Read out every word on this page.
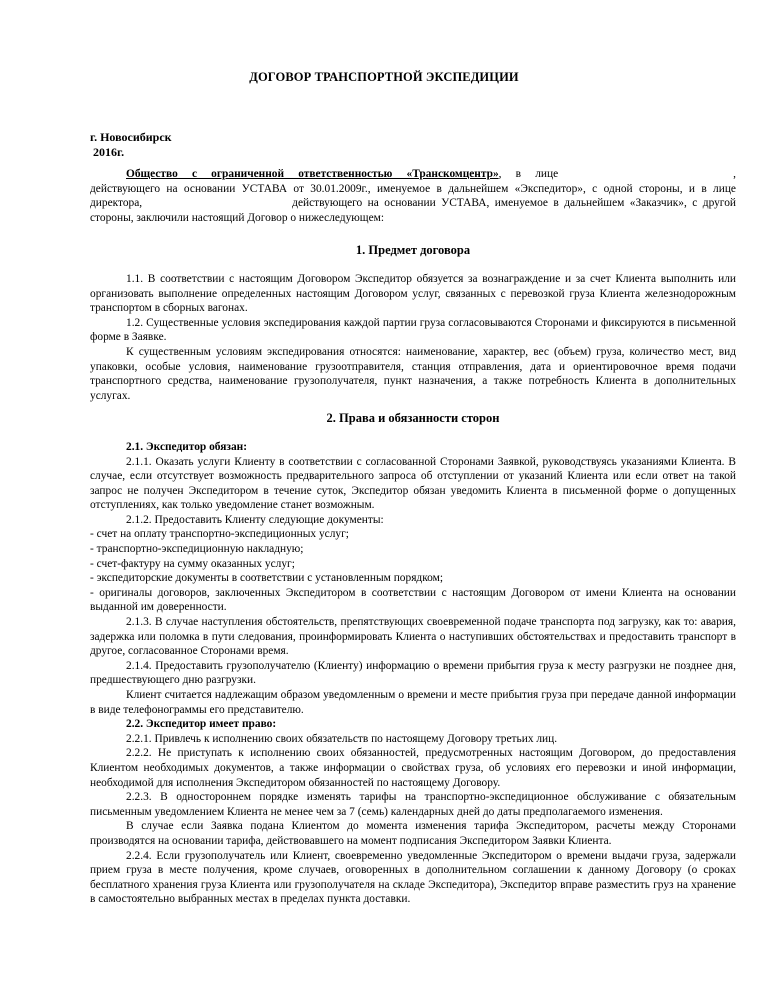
ДОГОВОР ТРАНСПОРТНОЙ ЭКСПЕДИЦИИ
г. Новосибирск
2016г.

Общество с ограниченной ответственностью «Транскомцентр», в лице	, действующего на основании УСТАВА от 30.01.2009г., именуемое в дальнейшем «Экспедитор», с одной стороны, и в лице директора,	действующего на основании УСТАВА, именуемое в дальнейшем «Заказчик», с другой стороны, заключили настоящий Договор о нижеследующем:

1. Предмет договора

1.1. В соответствии с настоящим Договором Экспедитор обязуется за вознаграждение и за счет Клиента выполнить или организовать выполнение определенных настоящим Договором услуг, связанных с перевозкой груза Клиента железнодорожным транспортом в сборных вагонах.

1.2. Существенные условия экспедирования каждой партии груза согласовываются Сторонами и фиксируются в письменной форме в Заявке.

К существенным условиям экспедирования относятся: наименование, характер, вес (объем) груза, количество мест, вид упаковки, особые условия, наименование грузоотправителя, станция отправления, дата и ориентировочное время подачи транспортного средства, наименование грузополучателя, пункт назначения, а также потребность Клиента в дополнительных услугах.

2. Права и обязанности сторон

2.1. Экспедитор обязан:

2.1.1. Оказать услуги Клиенту в соответствии с согласованной Сторонами Заявкой, руководствуясь указаниями Клиента. В случае, если отсутствует возможность предварительного запроса об отступлении от указаний Клиента или если ответ на такой запрос не получен Экспедитором в течение суток, Экспедитор обязан уведомить Клиента в письменной форме о допущенных отступлениях, как только уведомление станет возможным.

2.1.2. Предоставить Клиенту следующие документы:

- счет на оплату транспортно-экспедиционных услуг;

- транспортно-экспедиционную накладную;

- счет-фактуру на сумму оказанных услуг;

- экспедиторские документы в соответствии с установленным порядком;

- оригиналы договоров, заключенных Экспедитором в соответствии с настоящим Договором от имени Клиента на основании выданной им доверенности.

2.1.3. В случае наступления обстоятельств, препятствующих своевременной подаче транспорта под загрузку, как то: авария, задержка или поломка в пути следования, проинформировать Клиента о наступивших обстоятельствах и предоставить транспорт в другое, согласованное Сторонами время.

2.1.4. Предоставить грузополучателю (Клиенту) информацию о времени прибытия груза к месту разгрузки не позднее дня, предшествующего дню разгрузки.

Клиент считается надлежащим образом уведомленным о времени и месте прибытия груза при передаче данной информации в виде телефонограммы его представителю.

2.2. Экспедитор имеет право:

2.2.1. Привлечь к исполнению своих обязательств по настоящему Договору третьих лиц.

2.2.2. Не приступать к исполнению своих обязанностей, предусмотренных настоящим Договором, до предоставления Клиентом необходимых документов, а также информации о свойствах груза, об условиях его перевозки и иной информации, необходимой для исполнения Экспедитором обязанностей по настоящему Договору.

2.2.3. В одностороннем порядке изменять тарифы на транспортно-экспедиционное обслуживание с обязательным письменным уведомлением Клиента не менее чем за 7 (семь) календарных дней до даты предполагаемого изменения.

В случае если Заявка подана Клиентом до момента изменения тарифа Экспедитором, расчеты между Сторонами производятся на основании тарифа, действовавшего на момент подписания Экспедитором Заявки Клиента.

2.2.4. Если грузополучатель или Клиент, своевременно уведомленные Экспедитором о времени выдачи груза, задержали прием груза в месте получения, кроме случаев, оговоренных в дополнительном соглашении к данному Договору (о сроках бесплатного хранения груза Клиента или грузополучателя на складе Экспедитора), Экспедитор вправе разместить груз на хранение в самостоятельно выбранных местах в пределах пункта доставки.
